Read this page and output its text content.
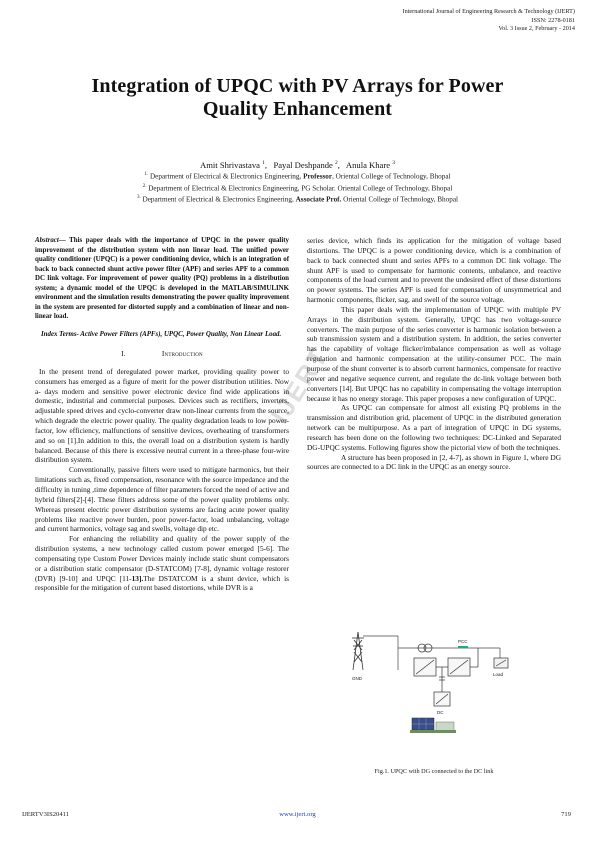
International Journal of Engineering Research & Technology (IJERT)
ISSN: 2278-0181
Vol. 3 Issue 2, February - 2014
Integration of UPQC with PV Arrays for Power
Quality Enhancement
Amit Shrivastava $^1$,   Payal Deshpande $^2$,   Anula Khare $^3$
$^{1.}$ Department of Electrical & Electronics Engineering, Professor, Oriental College of Technology, Bhopal
$^{2.}$ Department of Electrical & Electronics Engineering, PG Scholar. Oriental College of Technology, Bhopal
$^{3.}$ Department of Electrical & Electronics Engineering, Associate Prof. Oriental College of Technology, Bhopal
IJERT

Abstract— This paper deals with the importance of UPQC in the power quality improvement of the distribution system with non linear load. The unified power quality conditioner (UPQC) is a power conditioning device, which is an integration of back to back connected shunt active power filter (APF) and series APF to a common DC link voltage. For improvement of power quality (PQ) problems in a distribution system; a dynamic model of the UPQC is developed in the MATLAB/SIMULINK environment and the simulation results demonstrating the power quality improvement in the system are presented for distorted supply and a combination of linear and non-linear load.

Index Terms- Active Power Filters (APFs), UPQC, Power Quality, Non Linear Load.

I.	Introduction

In the present trend of deregulated power market, providing quality power to consumers has emerged as a figure of merit for the power distribution utilities. Now a- days modern and sensitive power electronic device find wide applications in domestic, industrial and commercial purposes. Devices such as rectifiers, inverters, adjustable speed drives and cyclo-converter draw non-linear currents from the source, which degrade the electric power quality. The quality degradation leads to low power-factor, low efficiency, malfunctions of sensitive devices, overheating of transformers and so on [1].In addition to this, the overall load on a distribution system is hardly balanced. Because of this there is excessive neutral current in a three-phase four-wire distribution system.

Conventionally, passive filters were used to mitigate harmonics, but their limitations such as, fixed compensation, resonance with the source impedance and the difficulty in tuning ,time dependence of filter parameters forced the need of active and hybrid filters[2]-[4]. These filters address some of the power quality problems only. Whereas present electric power distribution systems are facing acute power quality problems like reactive power burden, poor power-factor, load unbalancing, voltage and current harmonics, voltage sag and swells, voltage dip etc.

For enhancing the reliability and quality of the power supply of the distribution systems, a new technology called custom power emerged [5-6]. The compensating type Custom Power Devices mainly include static shunt compensators or a distribution static compensator (D-STATCOM) [7-8], dynamic voltage restorer (DVR) [9-10] and UPQC [11-13].The DSTATCOM is a shunt device, which is responsible for the mitigation of current based distortions, while DVR is a

series device, which finds its application for the mitigation of voltage based distortions. The UPQC is a power conditioning device, which is a combination of back to back connected shunt and series APFs to a common DC link voltage. The shunt APF is used to compensate for harmonic contents, unbalance, and reactive components of the load current and to prevent the undesired effect of these distortions on power systems. The series APF is used for compensation of unsymmetrical and harmonic components, flicker, sag, and swell of the source voltage.

This paper deals with the implementation of UPQC with multiple PV Arrays in the distribution system. Generally, UPQC has two voltage-source converters. The main purpose of the series converter is harmonic isolation between a sub transmission system and a distribution system. In addition, the series converter has the capability of voltage flicker/imbalance compensation as well as voltage regulation and harmonic compensation at the utility-consumer PCC. The main purpose of the shunt converter is to absorb current harmonics, compensate for reactive power and negative sequence current, and regulate the dc-link voltage between both converters [14]. But UPQC has no capability in compensating the voltage interruption because it has no energy storage. This paper proposes a new configuration of UPQC.

As UPQC can compensate for almost all existing PQ problems in the transmission and distribution grid, placement of UPQC in the distributed generation network can be multipurpose. As a part of integration of UPQC in DG systems, research has been done on the following two techniques: DC-Linked and Separated DG-UPQC systems. Following figures show the pictorial view of both the techniques.

A structure has been proposed in [2, 4-7], as shown in Figure 1, where DG sources are connected to a DC link in the UPQC as an energy source.

GND
PCC
DC
Load
Fig.1. UPQC with DG connected to the DC link
IJERTV3IS20411	www.ijert.org	719
